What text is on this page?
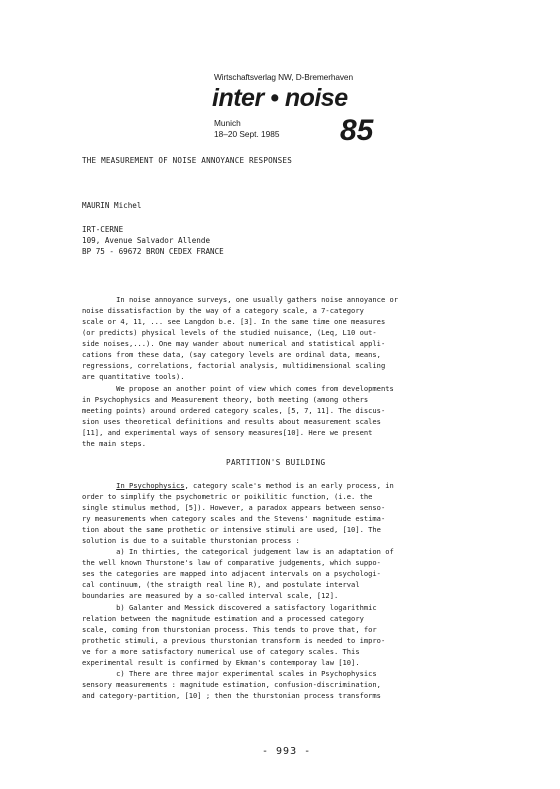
Wirtschaftsverlag NW, D-Bremerhaven
inter • noise
Munich
18–20 Sept. 1985 85
THE MEASUREMENT OF NOISE ANNOYANCE RESPONSES
MAURIN Michel
IRT-CERNE
109, Avenue Salvador Allende
BP 75 - 69672 BRON CEDEX FRANCE
In noise annoyance surveys, one usually gathers noise annoyance or
noise dissatisfaction by the way of a category scale, a 7-category
scale or 4, 11, ... see Langdon b.e. [3]. In the same time one measures
(or predicts) physical levels of the studied nuisance, (Leq, L10 out-
side noises,...). One may wander about numerical and statistical appli-
cations from these data, (say category levels are ordinal data, means,
regressions, correlations, factorial analysis, multidimensional scaling
are quantitative tools).
We propose an another point of view which comes from developments
in Psychophysics and Measurement theory, both meeting (among others
meeting points) around ordered category scales, [5, 7, 11]. The discus-
sion uses theoretical definitions and results about measurement scales
[11], and experimental ways of sensory measures[10]. Here we present
the main steps.
PARTITION'S BUILDING
In Psychophysics, category scale's method is an early process, in
order to simplify the psychometric or poikilitic function, (i.e. the
single stimulus method, [5]). However, a paradox appears between senso-
ry measurements when category scales and the Stevens' magnitude estima-
tion about the same prothetic or intensive stimuli are used, [10]. The
solution is due to a suitable thurstonian process :
a) In thirties, the categorical judgement law is an adaptation of
the well known Thurstone's law of comparative judgements, which suppo-
ses the categories are mapped into adjacent intervals on a psychologi-
cal continuum, (the straigth real line R), and postulate interval
boundaries are measured by a so-called interval scale, [12].
b) Galanter and Messick discovered a satisfactory logarithmic
relation between the magnitude estimation and a processed category
scale, coming from thurstonian process. This tends to prove that, for
prothetic stimuli, a previous thurstonian transform is needed to impro-
ve for a more satisfactory numerical use of category scales. This
experimental result is confirmed by Ekman's contemporay law [10].
c) There are three major experimental scales in Psychophysics
sensory measurements : magnitude estimation, confusion-discrimination,
and category-partition, [10] ; then the thurstonian process transforms
- 993 -
